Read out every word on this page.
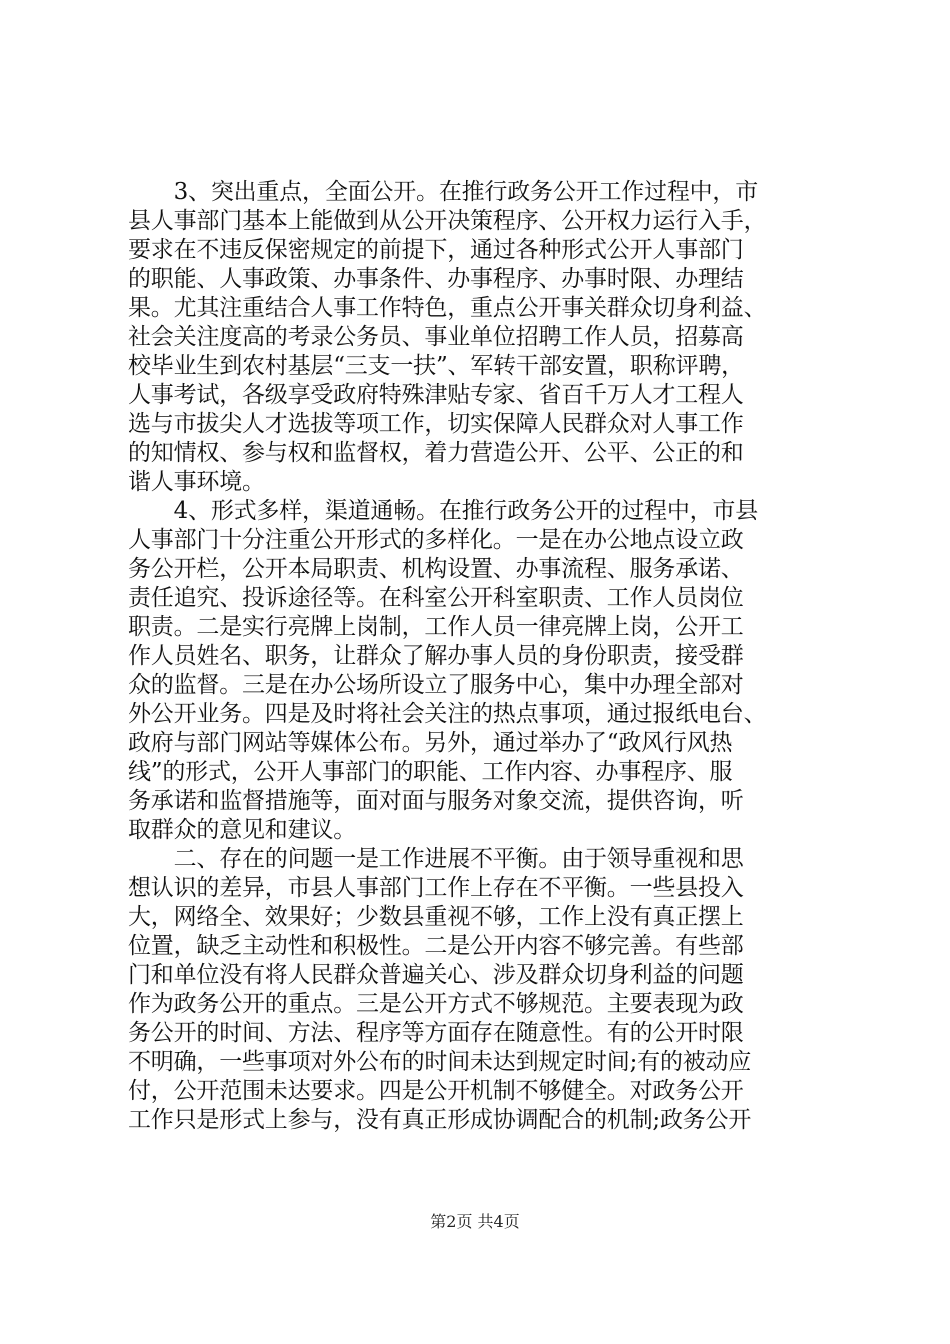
　　3、突出重点，全面公开。在推行政务公开工作过程中，市
县人事部门基本上能做到从公开决策程序、公开权力运行入手，
要求在不违反保密规定的前提下，通过各种形式公开人事部门
的职能、人事政策、办事条件、办事程序、办事时限、办理结
果。尤其注重结合人事工作特色，重点公开事关群众切身利益、
社会关注度高的考录公务员、事业单位招聘工作人员，招募高
校毕业生到农村基层“三支一扶”、军转干部安置，职称评聘，
人事考试，各级享受政府特殊津贴专家、省百千万人才工程人
选与市拔尖人才选拔等项工作，切实保障人民群众对人事工作
的知情权、参与权和监督权，着力营造公开、公平、公正的和
谐人事环境。
　　4、形式多样，渠道通畅。在推行政务公开的过程中，市县
人事部门十分注重公开形式的多样化。一是在办公地点设立政
务公开栏，公开本局职责、机构设置、办事流程、服务承诺、
责任追究、投诉途径等。在科室公开科室职责、工作人员岗位
职责。二是实行亮牌上岗制，工作人员一律亮牌上岗，公开工
作人员姓名、职务，让群众了解办事人员的身份职责，接受群
众的监督。三是在办公场所设立了服务中心，集中办理全部对
外公开业务。四是及时将社会关注的热点事项，通过报纸电台、
政府与部门网站等媒体公布。另外，通过举办了“政风行风热
线”的形式，公开人事部门的职能、工作内容、办事程序、服
务承诺和监督措施等，面对面与服务对象交流，提供咨询，听
取群众的意见和建议。
　　二、存在的问题一是工作进展不平衡。由于领导重视和思
想认识的差异，市县人事部门工作上存在不平衡。一些县投入
大，网络全、效果好；少数县重视不够，工作上没有真正摆上
位置，缺乏主动性和积极性。二是公开内容不够完善。有些部
门和单位没有将人民群众普遍关心、涉及群众切身利益的问题
作为政务公开的重点。三是公开方式不够规范。主要表现为政
务公开的时间、方法、程序等方面存在随意性。有的公开时限
不明确，一些事项对外公布的时间未达到规定时间;有的被动应
付，公开范围未达要求。四是公开机制不够健全。对政务公开
工作只是形式上参与，没有真正形成协调配合的机制;政务公开
第2页 共4页
